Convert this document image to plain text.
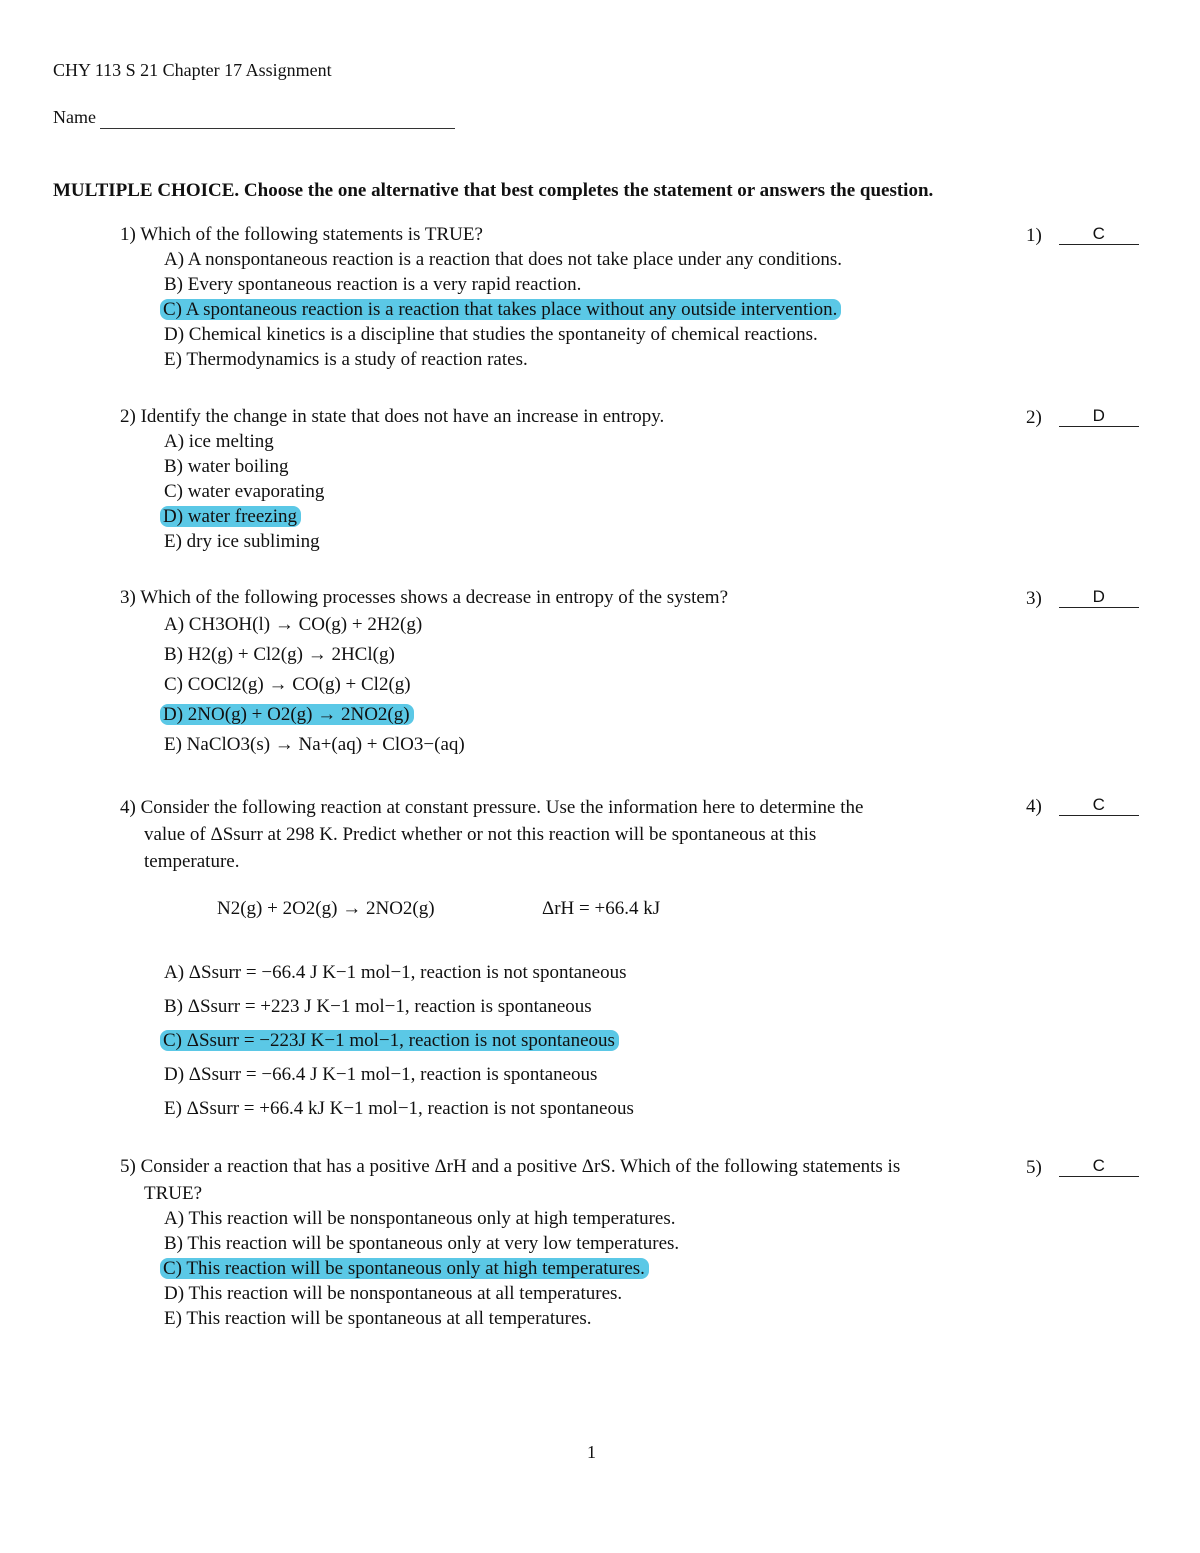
CHY 113 S 21 Chapter 17 Assignment
Name
MULTIPLE CHOICE. Choose the one alternative that best completes the statement or answers the question.
1) Which of the following statements is TRUE?
A) A nonspontaneous reaction is a reaction that does not take place under any conditions.
B) Every spontaneous reaction is a very rapid reaction.
C) A spontaneous reaction is a reaction that takes place without any outside intervention.
D) Chemical kinetics is a discipline that studies the spontaneity of chemical reactions.
E) Thermodynamics is a study of reaction rates.
1)	C
2) Identify the change in state that does not have an increase in entropy.
A) ice melting
B) water boiling
C) water evaporating
D) water freezing
E) dry ice subliming
2)	D
3) Which of the following processes shows a decrease in entropy of the system?
A) CH3OH(l) → CO(g) + 2H2(g)
B) H2(g) + Cl2(g) → 2HCl(g)
C) COCl2(g) → CO(g) + Cl2(g)
D) 2NO(g) + O2(g) → 2NO2(g)
E) NaClO3(s) → Na+(aq) + ClO3−(aq)
3)	D
4) Consider the following reaction at constant pressure. Use the information here to determine the
value of ΔSsurr at 298 K. Predict whether or not this reaction will be spontaneous at this
temperature.
N2(g) + 2O2(g) → 2NO2(g)	ΔrH = +66.4 kJ
A) ΔSsurr = −66.4 J K−1 mol−1, reaction is not spontaneous
B) ΔSsurr = +223 J K−1 mol−1, reaction is spontaneous
C) ΔSsurr = −223J K−1 mol−1, reaction is not spontaneous
D) ΔSsurr = −66.4 J K−1 mol−1, reaction is spontaneous
E) ΔSsurr = +66.4 kJ K−1 mol−1, reaction is not spontaneous
4)	C
5) Consider a reaction that has a positive ΔrH and a positive ΔrS. Which of the following statements is
TRUE?
A) This reaction will be nonspontaneous only at high temperatures.
B) This reaction will be spontaneous only at very low temperatures.
C) This reaction will be spontaneous only at high temperatures.
D) This reaction will be nonspontaneous at all temperatures.
E) This reaction will be spontaneous at all temperatures.
5)	C
1
